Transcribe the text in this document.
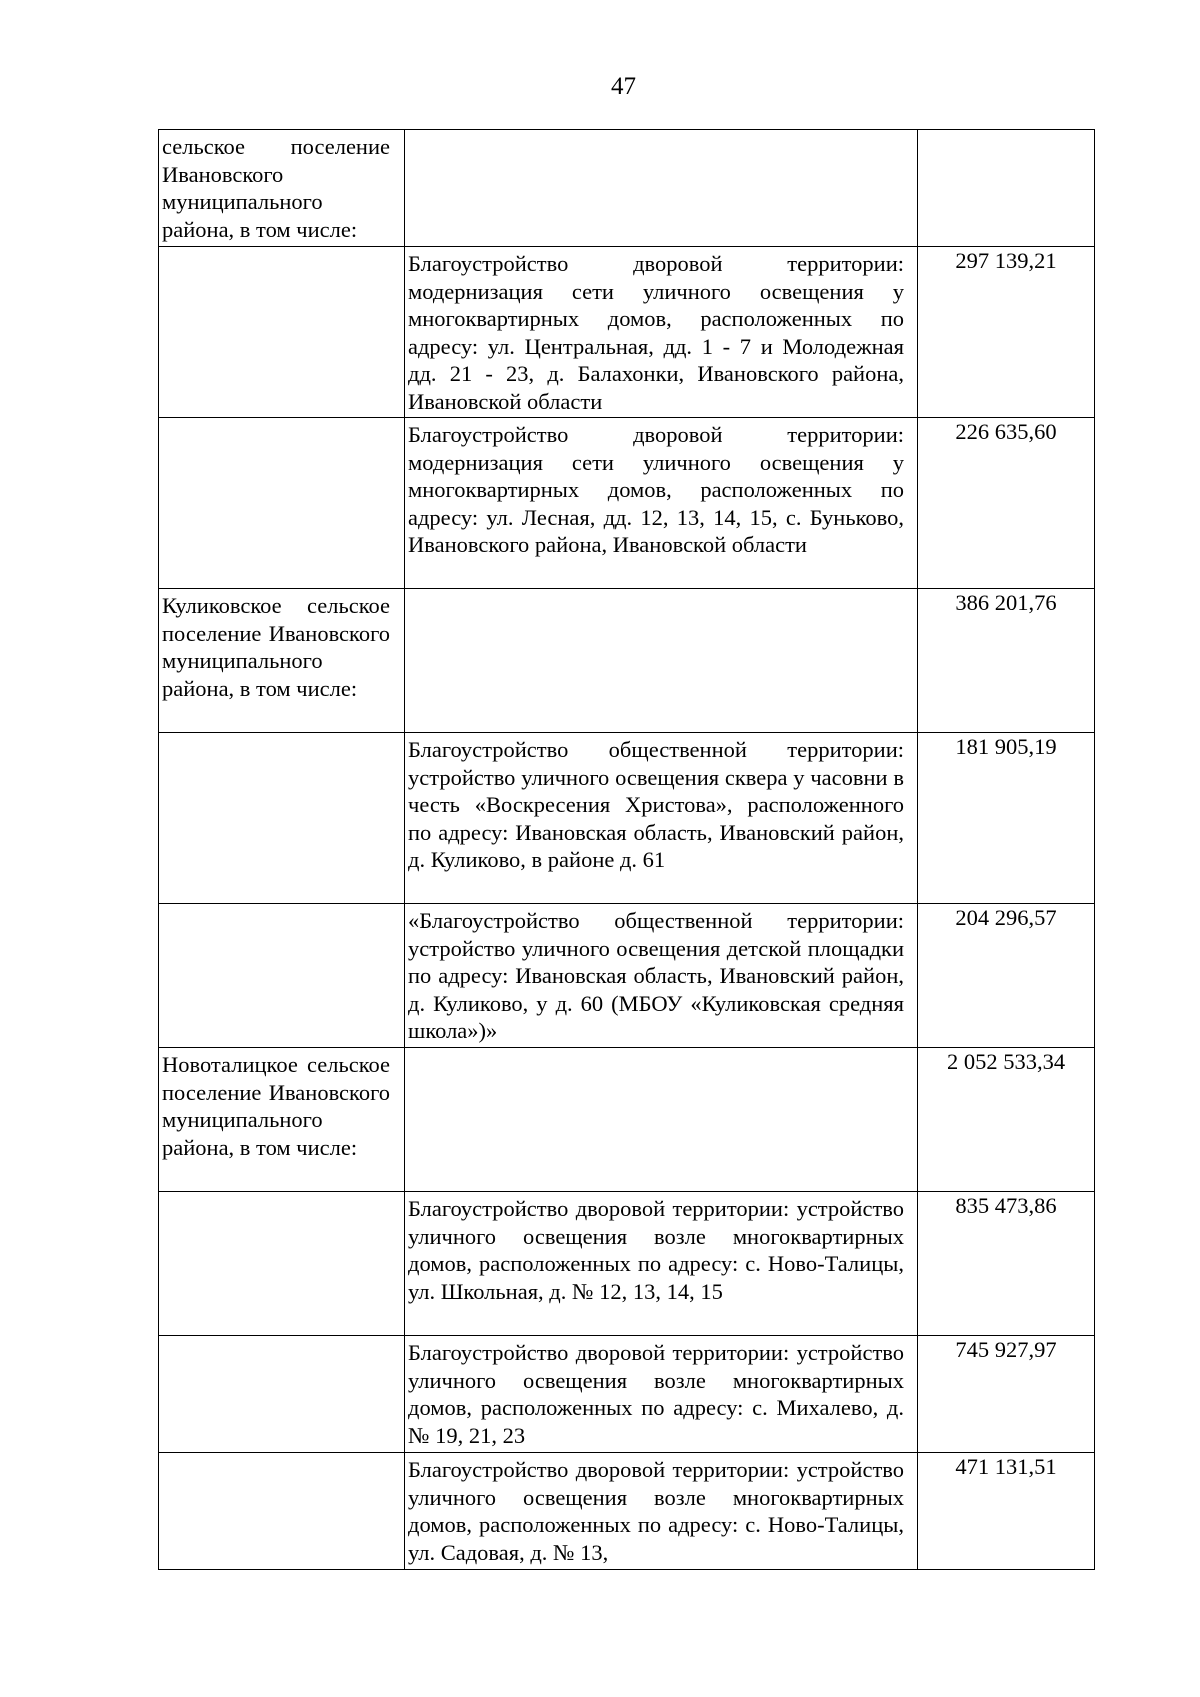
47
сельское поселение Ивановского муниципального района, в том числе:		

	Благоустройство дворовой территории: модернизация сети уличного освещения у многоквартирных домов, расположенных по адресу: ул. Центральная, дд. 1 - 7 и Молодежная дд. 21 - 23, д. Балахонки, Ивановского района, Ивановской области	297 139,21

	Благоустройство дворовой территории: модернизация сети уличного освещения у многоквартирных домов, расположенных по адресу: ул. Лесная, дд. 12, 13, 14, 15, с. Буньково, Ивановского района, Ивановской области	226 635,60

Куликовское сельское поселение Ивановского муниципального района, в том числе:		386 201,76

	Благоустройство общественной территории: устройство уличного освещения сквера у часовни в честь «Воскресения Христова», расположенного по адресу: Ивановская область, Ивановский район, д. Куликово, в районе д. 61	181 905,19

	«Благоустройство общественной территории: устройство уличного освещения детской площадки по адресу: Ивановская область, Ивановский район, д. Куликово, у д. 60 (МБОУ «Куликовская средняя школа»)»	204 296,57

Новоталицкое сельское поселение Ивановского муниципального района, в том числе:		2 052 533,34

	Благоустройство дворовой территории: устройство уличного освещения возле многоквартирных домов, расположенных по адресу: с. Ново-Талицы, ул. Школьная, д. № 12, 13, 14, 15	835 473,86

	Благоустройство дворовой территории: устройство уличного освещения возле многоквартирных домов, расположенных по адресу: с. Михалево, д. № 19, 21, 23	745 927,97

	Благоустройство дворовой территории: устройство уличного освещения возле многоквартирных домов, расположенных по адресу: с. Ново-Талицы, ул. Садовая, д. № 13,	471 131,51
